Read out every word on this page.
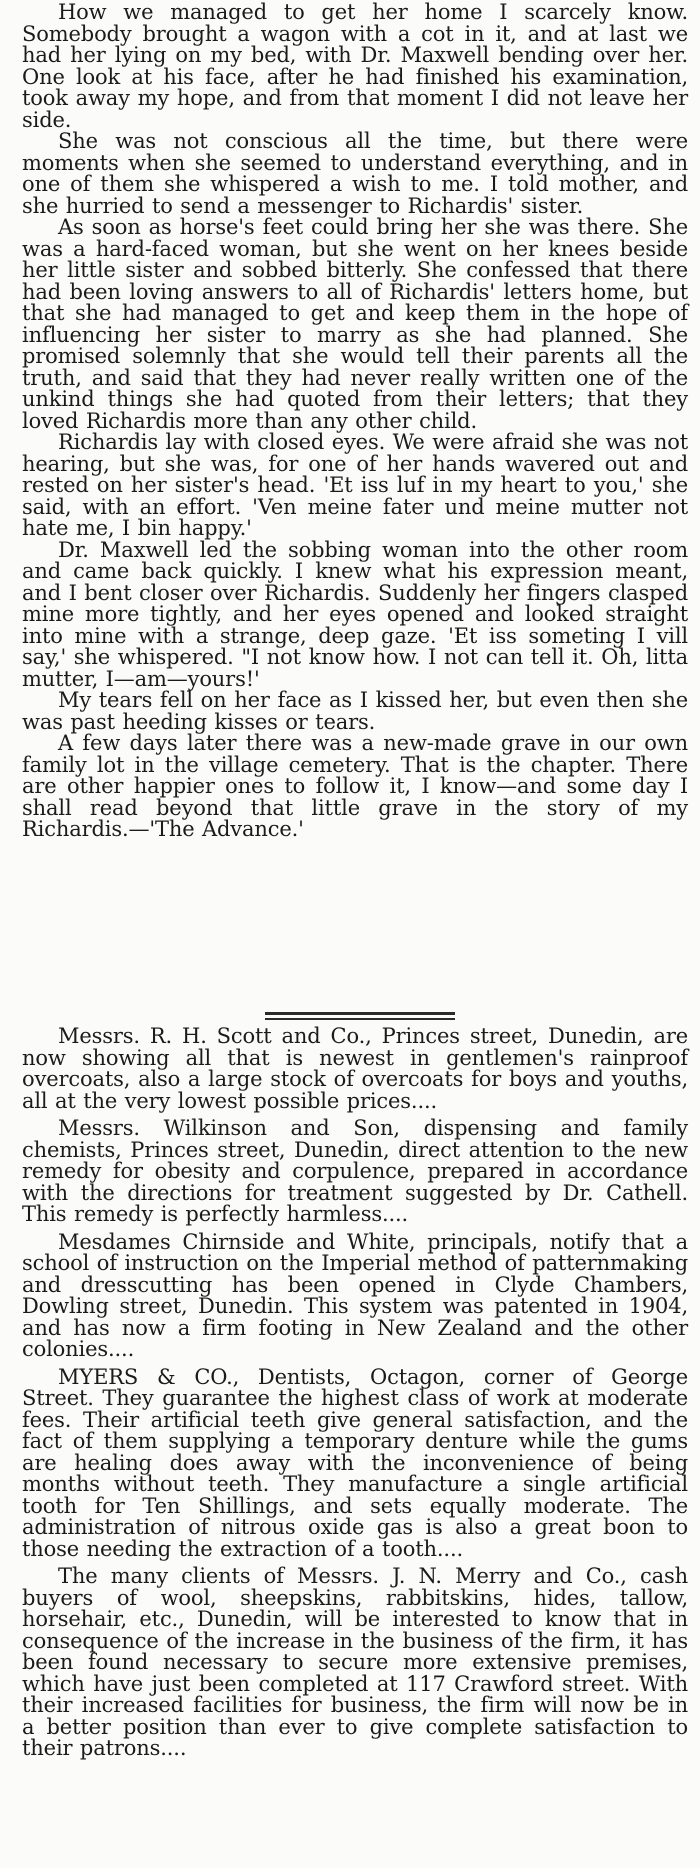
How we managed to get her home I scarcely know. Somebody brought a wagon with a cot in it, and at last we had her lying on my bed, with Dr. Maxwell bending over her. One look at his face, after he had finished his examination, took away my hope, and from that moment I did not leave her side.

She was not conscious all the time, but there were moments when she seemed to understand everything, and in one of them she whispered a wish to me. I told mother, and she hurried to send a messenger to Richardis' sister.

As soon as horse's feet could bring her she was there. She was a hard-faced woman, but she went on her knees beside her little sister and sobbed bitterly. She confessed that there had been loving answers to all of Richardis' letters home, but that she had managed to get and keep them in the hope of influencing her sister to marry as she had planned. She promised solemnly that she would tell their parents all the truth, and said that they had never really written one of the unkind things she had quoted from their letters; that they loved Richardis more than any other child.

Richardis lay with closed eyes. We were afraid she was not hearing, but she was, for one of her hands wavered out and rested on her sister's head. 'Et iss luf in my heart to you,' she said, with an effort. 'Ven meine fater und meine mutter not hate me, I bin happy.'

Dr. Maxwell led the sobbing woman into the other room and came back quickly. I knew what his expression meant, and I bent closer over Richardis. Suddenly her fingers clasped mine more tightly, and her eyes opened and looked straight into mine with a strange, deep gaze. 'Et iss someting I vill say,' she whispered. "I not know how. I not can tell it. Oh, litta mutter, I—am—yours!'

My tears fell on her face as I kissed her, but even then she was past heeding kisses or tears.

A few days later there was a new-made grave in our own family lot in the village cemetery. That is the chapter. There are other happier ones to follow it, I know—and some day I shall read beyond that little grave in the story of my Richardis.—'The Advance.'

Messrs. R. H. Scott and Co., Princes street, Dunedin, are now showing all that is newest in gentlemen's rainproof overcoats, also a large stock of overcoats for boys and youths, all at the very lowest possible prices....

Messrs. Wilkinson and Son, dispensing and family chemists, Princes street, Dunedin, direct attention to the new remedy for obesity and corpulence, prepared in accordance with the directions for treatment suggested by Dr. Cathell. This remedy is perfectly harmless....

Mesdames Chirnside and White, principals, notify that a school of instruction on the Imperial method of patternmaking and dresscutting has been opened in Clyde Chambers, Dowling street, Dunedin. This system was patented in 1904, and has now a firm footing in New Zealand and the other colonies....

MYERS & CO., Dentists, Octagon, corner of George Street. They guarantee the highest class of work at moderate fees. Their artificial teeth give general satisfaction, and the fact of them supplying a temporary denture while the gums are healing does away with the inconvenience of being months without teeth. They manufacture a single artificial tooth for Ten Shillings, and sets equally moderate. The administration of nitrous oxide gas is also a great boon to those needing the extraction of a tooth....

The many clients of Messrs. J. N. Merry and Co., cash buyers of wool, sheepskins, rabbitskins, hides, tallow, horsehair, etc., Dunedin, will be interested to know that in consequence of the increase in the business of the firm, it has been found necessary to secure more extensive premises, which have just been completed at 117 Crawford street. With their increased facilities for business, the firm will now be in a better position than ever to give complete satisfaction to their patrons....
